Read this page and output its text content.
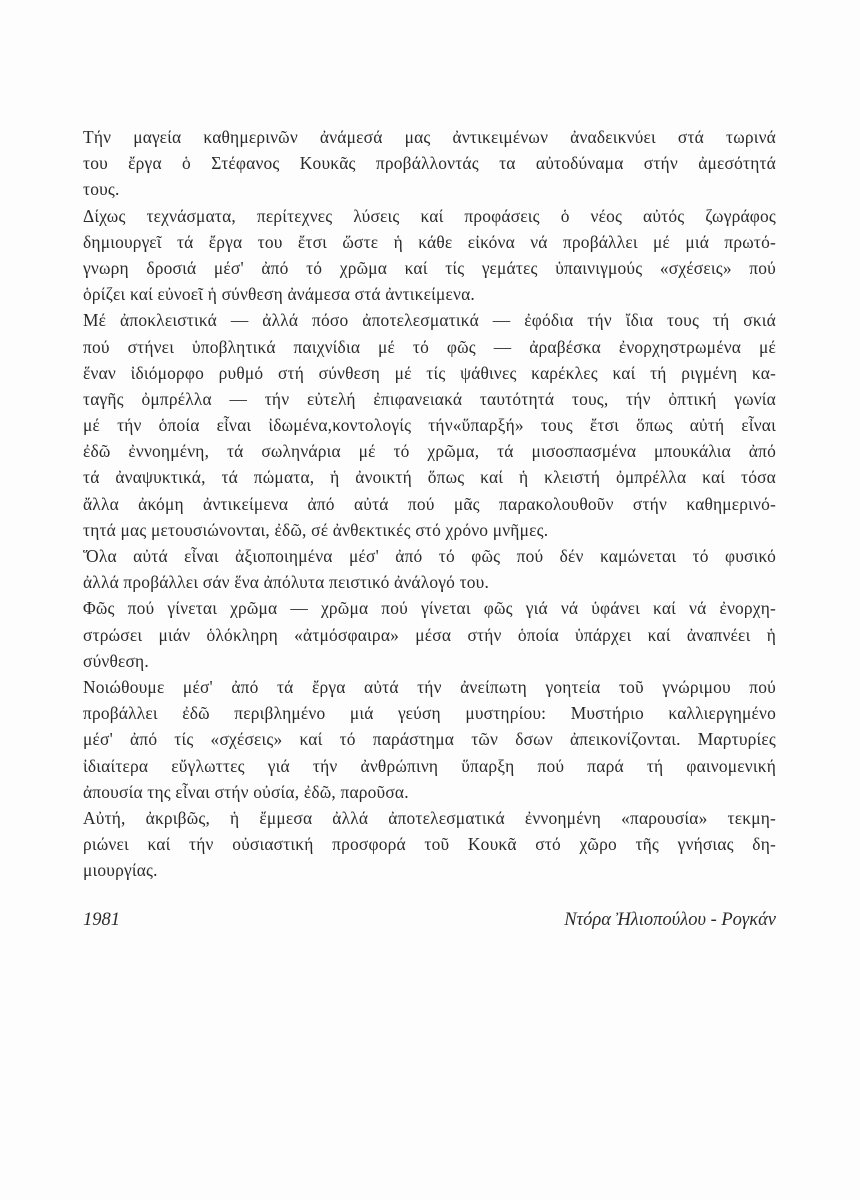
Τήν μαγεία καθημερινῶν ἀνάμεσά μας ἀντικειμένων ἀναδεικνύει στά τωρινά
του ἔργα ὁ Στέφανος Κουκᾶς προβάλλοντάς τα αὐτοδύναμα στήν ἀμεσότητά
τους.
Δίχως τεχνάσματα, περίτεχνες λύσεις καί προφάσεις ὁ νέος αὐτός ζωγράφος
δημιουργεῖ τά ἔργα του ἔτσι ὥστε ἡ κάθε εἰκόνα νά προβάλλει μέ μιά πρωτό-
γνωρη δροσιά μέσ' ἀπό τό χρῶμα καί τίς γεμάτες ὑπαινιγμούς «σχέσεις» πού
ὁρίζει καί εὐνοεῖ ἡ σύνθεση ἀνάμεσα στά ἀντικείμενα.
Μέ ἀποκλειστικά — ἀλλά πόσο ἀποτελεσματικά — ἐφόδια τήν ἴδια τους τή σκιά
πού στήνει ὑποβλητικά παιχνίδια μέ τό φῶς — ἀραβέσκα ἐνορχηστρωμένα μέ
ἕναν ἰδιόμορφο ρυθμό στή σύνθεση μέ τίς ψάθινες καρέκλες καί τή ριγμένη κα-
ταγῆς ὀμπρέλλα — τήν εὐτελή ἐπιφανειακά ταυτότητά τους, τήν ὀπτική γωνία
μέ τήν ὁποία εἶναι ἰδωμένα,κοντολογίς τήν«ὕπαρξή» τους ἔτσι ὅπως αὐτή εἶναι
ἐδῶ ἐννοημένη, τά σωληνάρια μέ τό χρῶμα, τά μισοσπασμένα μπουκάλια ἀπό
τά ἀναψυκτικά, τά πώματα, ἡ ἀνοικτή ὅπως καί ἡ κλειστή ὀμπρέλλα καί τόσα
ἄλλα ἀκόμη ἀντικείμενα ἀπό αὐτά πού μᾶς παρακολουθοῦν στήν καθημερινό-
τητά μας μετουσιώνονται, ἐδῶ, σέ ἀνθεκτικές στό χρόνο μνῆμες.
Ὅλα αὐτά εἶναι ἀξιοποιημένα μέσ' ἀπό τό φῶς πού δέν καμώνεται τό φυσικό
ἀλλά προβάλλει σάν ἕνα ἀπόλυτα πειστικό ἀνάλογό του.
Φῶς πού γίνεται χρῶμα — χρῶμα πού γίνεται φῶς γιά νά ὑφάνει καί νά ἐνορχη-
στρώσει μιάν ὁλόκληρη «ἀτμόσφαιρα» μέσα στήν ὁποία ὑπάρχει καί ἀναπνέει ἡ
σύνθεση.
Νοιώθουμε μέσ' ἀπό τά ἔργα αὐτά τήν ἀνείπωτη γοητεία τοῦ γνώριμου πού
προβάλλει ἐδῶ περιβλημένο μιά γεύση μυστηρίου: Μυστήριο καλλιεργημένο
μέσ' ἀπό τίς «σχέσεις» καί τό παράστημα τῶν δσων ἀπεικονίζονται. Μαρτυρίες
ἰδιαίτερα εὔγλωττες γιά τήν ἀνθρώπινη ὕπαρξη πού παρά τή φαινομενική
ἀπουσία της εἶναι στήν οὐσία, ἐδῶ, παροῦσα.
Αὐτή, ἀκριβῶς, ἡ ἔμμεσα ἀλλά ἀποτελεσματικά ἐννοημένη «παρουσία» τεκμη-
ριώνει καί τήν οὐσιαστική προσφορά τοῦ Κουκᾶ στό χῶρο τῆς γνήσιας δη-
μιουργίας.
1981	Ντόρα Ἠλιοπούλου - Ρογκάν
